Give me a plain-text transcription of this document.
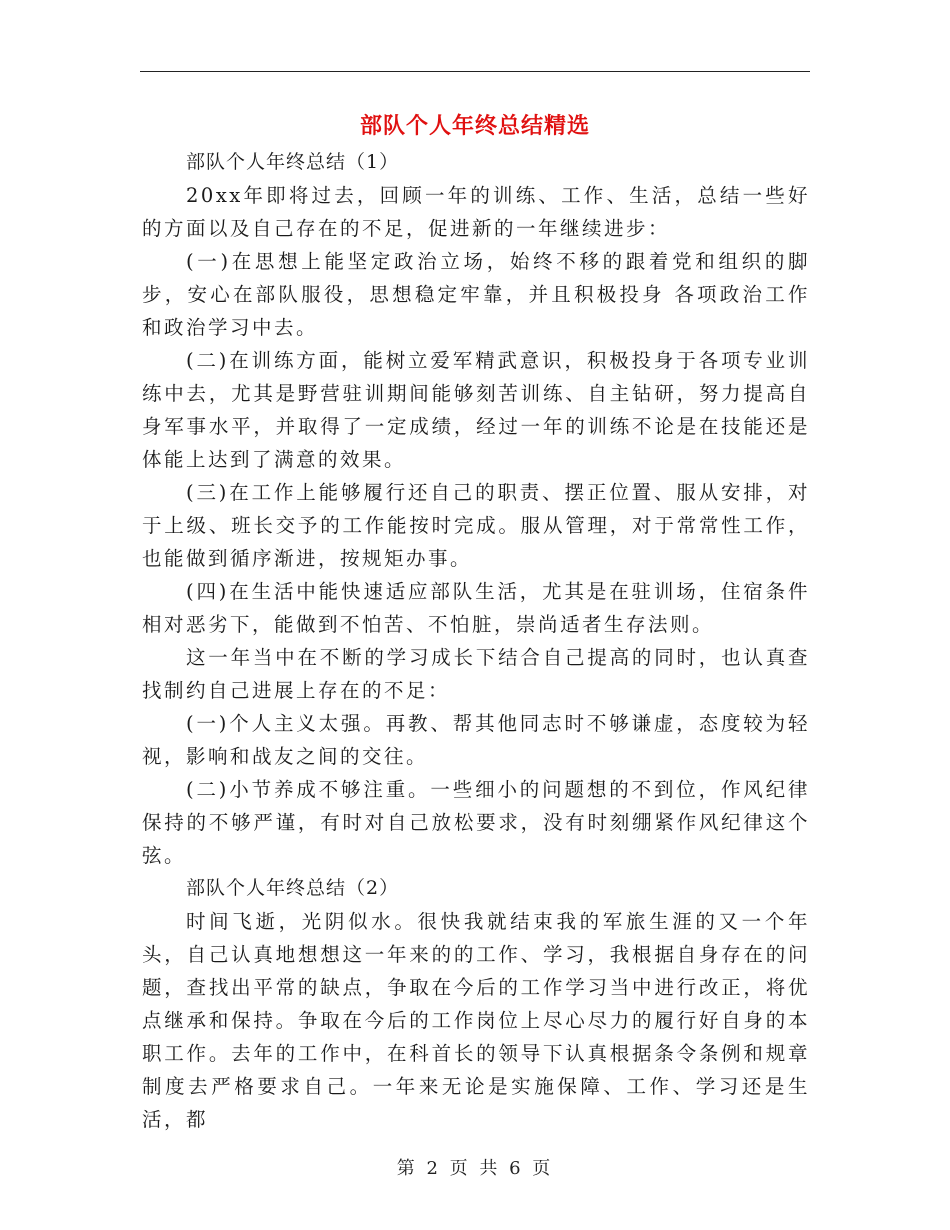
部队个人年终总结精选

部队个人年终总结（1）

20xx年即将过去，回顾一年的训练、工作、生活，总结一些好的方面以及自己存在的不足，促进新的一年继续进步：

(一)在思想上能坚定政治立场，始终不移的跟着党和组织的脚步，安心在部队服役，思想稳定牢靠，并且积极投身 各项政治工作和政治学习中去。

(二)在训练方面，能树立爱军精武意识，积极投身于各项专业训练中去，尤其是野营驻训期间能够刻苦训练、自主钻研，努力提高自身军事水平，并取得了一定成绩，经过一年的训练不论是在技能还是体能上达到了满意的效果。

(三)在工作上能够履行还自己的职责、摆正位置、服从安排，对于上级、班长交予的工作能按时完成。服从管理，对于常常性工作，也能做到循序渐进，按规矩办事。

(四)在生活中能快速适应部队生活，尤其是在驻训场，住宿条件相对恶劣下，能做到不怕苦、不怕脏，崇尚适者生存法则。

这一年当中在不断的学习成长下结合自己提高的同时，也认真查找制约自己进展上存在的不足：

(一)个人主义太强。再教、帮其他同志时不够谦虚，态度较为轻视，影响和战友之间的交往。

(二)小节养成不够注重。一些细小的问题想的不到位，作风纪律保持的不够严谨，有时对自己放松要求，没有时刻绷紧作风纪律这个弦。

部队个人年终总结（2）

时间飞逝，光阴似水。很快我就结束我的军旅生涯的又一个年头，自己认真地想想这一年来的的工作、学习，我根据自身存在的问题，查找出平常的缺点，争取在今后的工作学习当中进行改正，将优点继承和保持。争取在今后的工作岗位上尽心尽力的履行好自身的本职工作。去年的工作中，在科首长的领导下认真根据条令条例和规章制度去严格要求自己。一年来无论是实施保障、工作、学习还是生活，都

第 2 页 共 6 页
